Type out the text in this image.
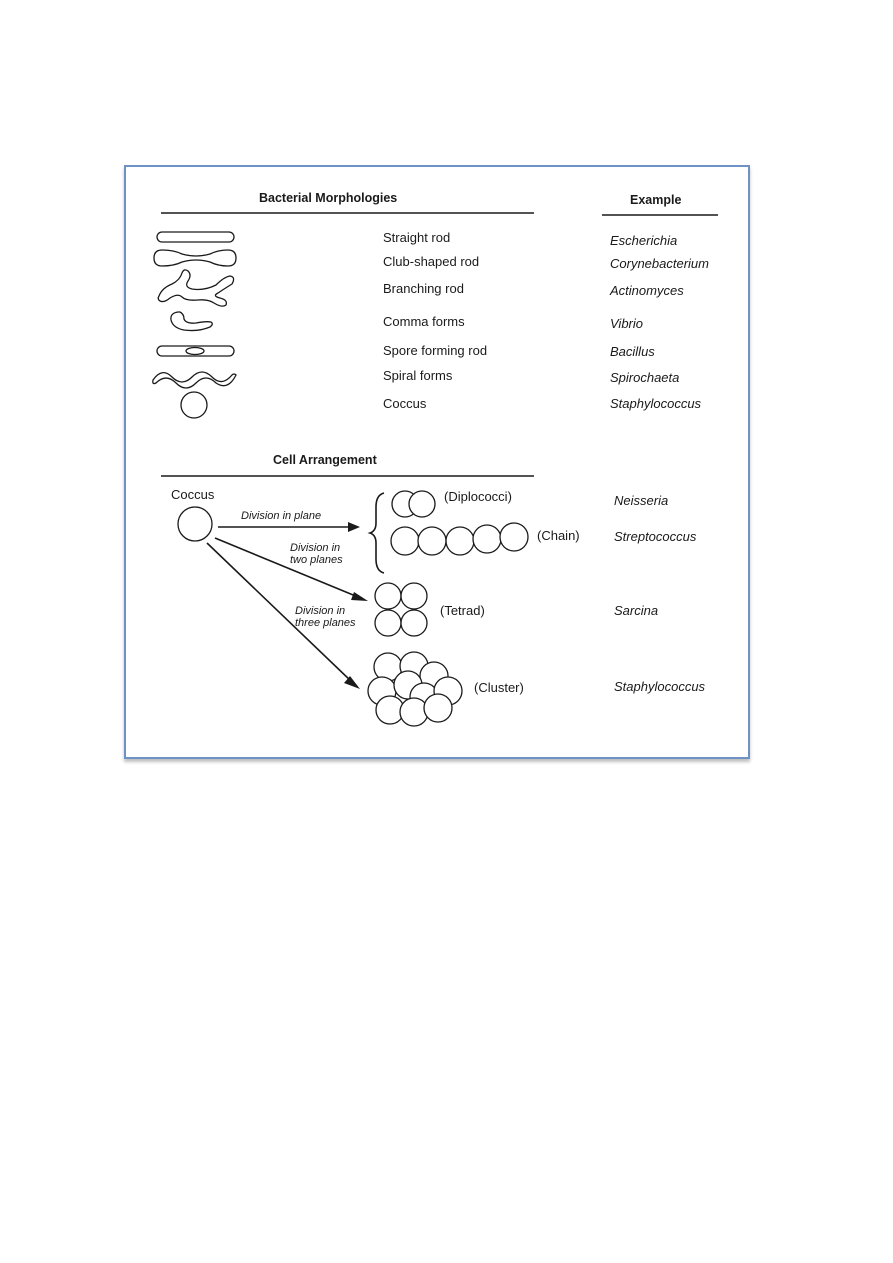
Bacterial Morphologies	Example
Straight rod
Club-shaped rod
Branching rod
Comma forms
Spore forming rod
Spiral forms
Coccus
Escherichia
Corynebacterium
Actinomyces
Vibrio
Bacillus
Spirochaeta
Staphylococcus
Cell Arrangement
Coccus
Division in plane
Division in
two planes
Division in
three planes
(Diplococci)
(Chain)
(Tetrad)
(Cluster)
Neisseria
Streptococcus
Sarcina
Staphylococcus
